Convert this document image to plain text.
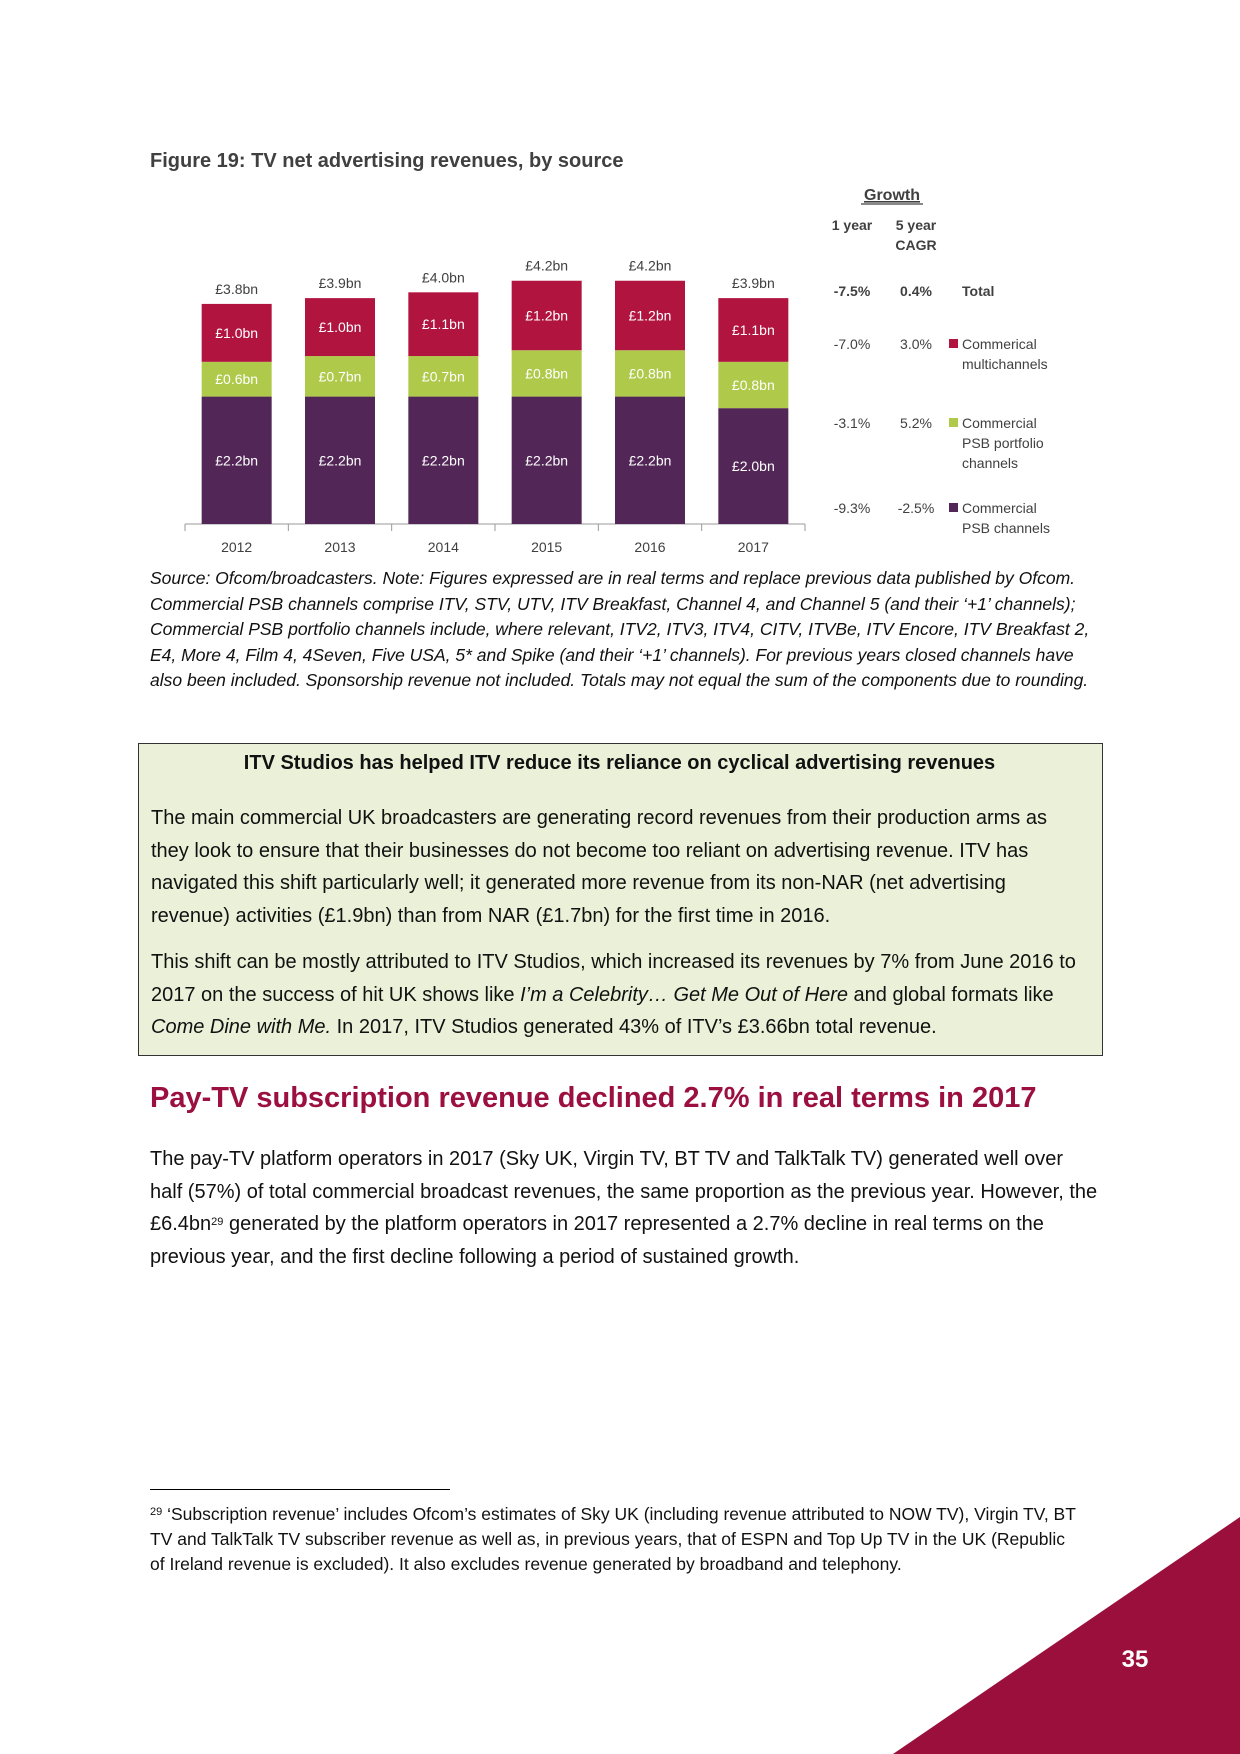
Figure 19: TV net advertising revenues, by source
£2.2bn
£0.6bn
£1.0bn
£3.8bn
2012
£2.2bn
£0.7bn
£1.0bn
£3.9bn
2013
£2.2bn
£0.7bn
£1.1bn
£4.0bn
2014
£2.2bn
£0.8bn
£1.2bn
£4.2bn
2015
£2.2bn
£0.8bn
£1.2bn
£4.2bn
2016
£2.0bn
£0.8bn
£1.1bn
£3.9bn
2017
Growth
1 year 5 year
CAGR
-7.5% 0.4% Total
-7.0% 3.0% Commerical
multichannels
-3.1% 5.2% Commercial
PSB portfolio
channels
-9.3% -2.5% Commercial
PSB channels

Source: Ofcom/broadcasters. Note: Figures expressed are in real terms and replace previous data published by Ofcom. Commercial PSB channels comprise ITV, STV, UTV, ITV Breakfast, Channel 4, and Channel 5 (and their ‘+1’ channels); Commercial PSB portfolio channels include, where relevant, ITV2, ITV3, ITV4, CITV, ITVBe, ITV Encore, ITV Breakfast 2, E4, More 4, Film 4, 4Seven, Five USA, 5* and Spike (and their ‘+1’ channels). For previous years closed channels have also been included. Sponsorship revenue not included. Totals may not equal the sum of the components due to rounding.

ITV Studios has helped ITV reduce its reliance on cyclical advertising revenues

The main commercial UK broadcasters are generating record revenues from their production arms as they look to ensure that their businesses do not become too reliant on advertising revenue. ITV has navigated this shift particularly well; it generated more revenue from its non-NAR (net advertising revenue) activities (£1.9bn) than from NAR (£1.7bn) for the first time in 2016.

This shift can be mostly attributed to ITV Studios, which increased its revenues by 7% from June 2016 to 2017 on the success of hit UK shows like I’m a Celebrity… Get Me Out of Here and global formats like Come Dine with Me. In 2017, ITV Studios generated 43% of ITV’s £3.66bn total revenue.

Pay-TV subscription revenue declined 2.7% in real terms in 2017

The pay-TV platform operators in 2017 (Sky UK, Virgin TV, BT TV and TalkTalk TV) generated well over half (57%) of total commercial broadcast revenues, the same proportion as the previous year. However, the $£6.4bn^{29}$ generated by the platform operators in 2017 represented a 2.7% decline in real terms on the previous year, and the first decline following a period of sustained growth.

$^{29}$ ‘Subscription revenue’ includes Ofcom’s estimates of Sky UK (including revenue attributed to NOW TV), Virgin TV, BT TV and TalkTalk TV subscriber revenue as well as, in previous years, that of ESPN and Top Up TV in the UK (Republic of Ireland revenue is excluded). It also excludes revenue generated by broadband and telephony.

35
